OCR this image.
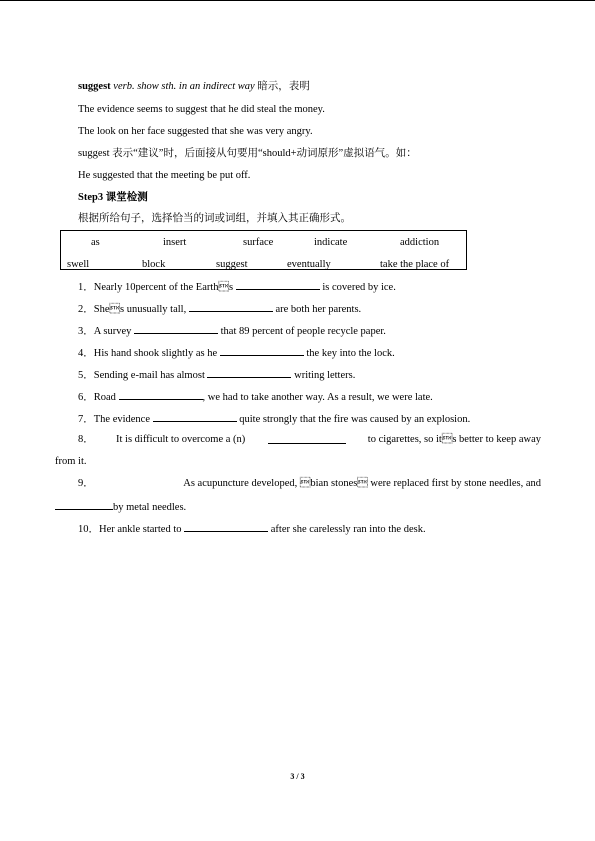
suggest verb. show sth. in an indirect way 暗示，表明
The evidence seems to suggest that he did steal the money.
The look on her face suggested that she was very angry.
suggest 表示“建议”时，后面接从句要用“should+动词原形”虚拟语气。如：
He suggested that the meeting be put off.
Step3 课堂检测
根据所给句子，选择恰当的词或词组，并填入其正确形式。
as	insert	surface	indicate	addiction
swell	block	suggest	eventually	take the place of
1．Nearly 10percent of the Earths	is covered by ice.
2．Shes unusually tall,	are both her parents.
3．A survey	that 89 percent of people recycle paper.
4．His hand shook slightly as he	the key into the lock.
5．Sending e-mail has almost	writing letters.
6．Road	, we had to take another way. As a result, we were late.
7．The evidence	quite strongly that the fire was caused by an explosion.
8． It is difficult to overcome a (n)	to cigarettes, so its better to keep away
from it.
9．	As acupuncture developed, bian stones were replaced first by stone needles, and
by metal needles.
10．Her ankle started to	after she carelessly ran into the desk.
3 / 3
